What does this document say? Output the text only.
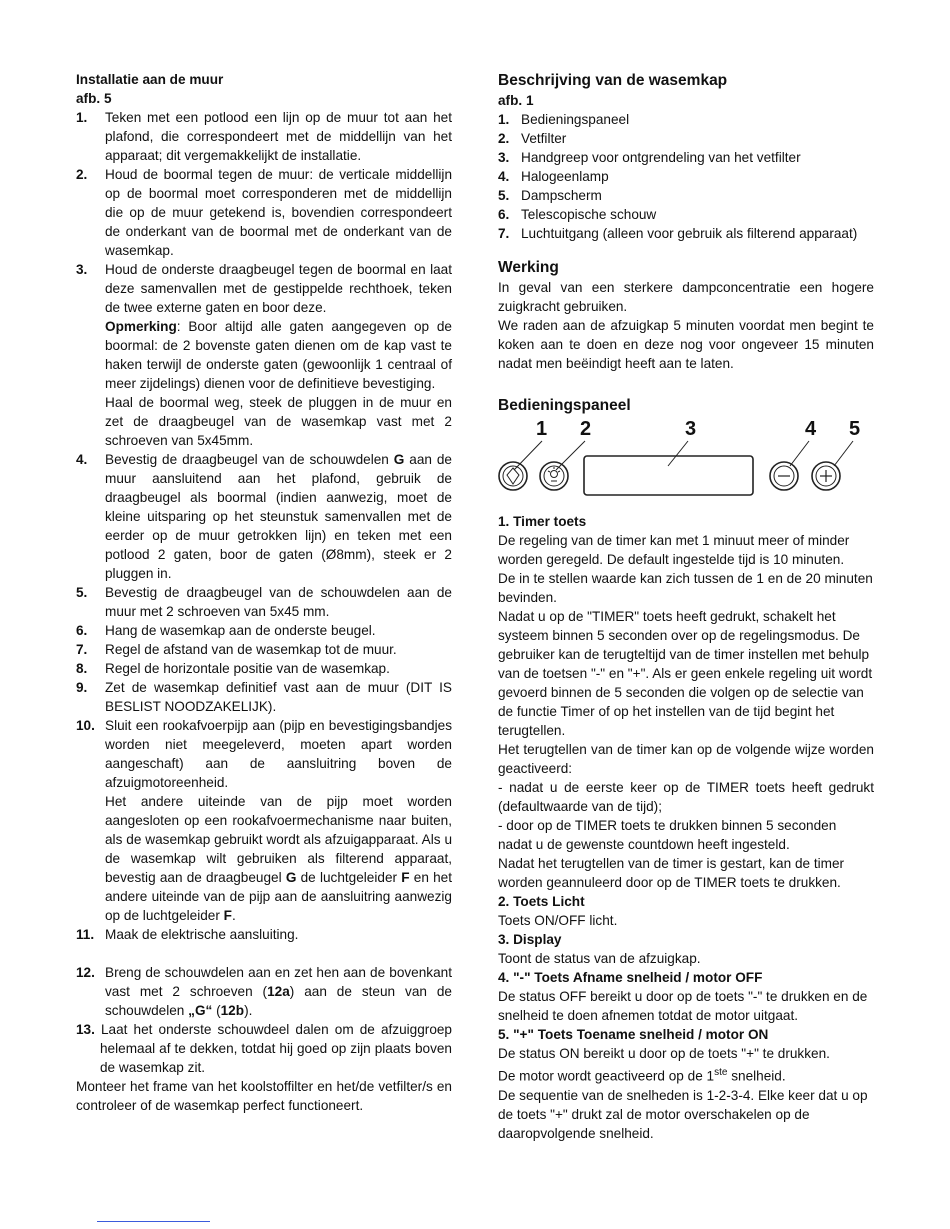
Installatie aan de muur
afb. 5
1.	Teken met een potlood een lijn op de muur tot aan het plafond, die correspondeert met de middellijn van het apparaat; dit vergemakkelijkt de installatie.
2.	Houd de boormal tegen de muur: de verticale middellijn op de boormal moet corresponderen met de middellijn die op de muur getekend is, bovendien correspondeert de onderkant van de boormal met de onderkant van de wasemkap.
3.	Houd de onderste draagbeugel tegen de boormal en laat deze samenvallen met de gestippelde rechthoek, teken de twee externe gaten en boor deze.
Opmerking: Boor altijd alle gaten aangegeven op de boormal: de 2 bovenste gaten dienen om de kap vast te haken terwijl de onderste gaten (gewoonlijk 1 centraal of meer zijdelings) dienen voor de definitieve bevestiging.
Haal de boormal weg, steek de pluggen in de muur en zet de draagbeugel van de wasemkap vast met 2 schroeven van 5x45mm.
4.	Bevestig de draagbeugel van de schouwdelen G aan de muur aansluitend aan het plafond, gebruik de draagbeugel als boormal (indien aanwezig, moet de kleine uitsparing op het steunstuk samenvallen met de eerder op de muur getrokken lijn) en teken met een potlood 2 gaten, boor de gaten (Ø8mm), steek er 2 pluggen in.
5.	Bevestig de draagbeugel van de schouwdelen aan de muur met 2 schroeven van 5x45 mm.
6.	Hang de wasemkap aan de onderste beugel.
7.	Regel de afstand van de wasemkap tot de muur.
8.	Regel de horizontale positie van de wasemkap.
9.	Zet de wasemkap definitief vast aan de muur (DIT IS BESLIST NOODZAKELIJK).
10. Sluit een rookafvoerpijp aan (pijp en bevestigingsbandjes worden niet meegeleverd, moeten apart worden aangeschaft) aan de aansluitring boven de afzuigmotoreenheid.
Het andere uiteinde van de pijp moet worden aangesloten op een rookafvoermechanisme naar buiten, als de wasemkap gebruikt wordt als afzuigapparaat. Als u de wasemkap wilt gebruiken als filterend apparaat, bevestig aan de draagbeugel G de luchtgeleider F en het andere uiteinde van de pijp aan de aansluitring aanwezig op de luchtgeleider F.
11. Maak de elektrische aansluiting.
12. Breng de schouwdelen aan en zet hen aan de bovenkant vast met 2 schroeven (12a) aan de steun van de schouwdelen „G“ (12b).

13. Laat het onderste schouwdeel dalen om de afzuiggroep helemaal af te dekken, totdat hij goed op zijn plaats boven de wasemkap zit.

Monteer het frame van het koolstoffilter en het/de vetfilter/s en controleer of de wasemkap perfect functioneert.

Beschrijving van de wasemkap
afb. 1
1. Bedieningspaneel
2. Vetfilter
3. Handgreep voor ontgrendeling van het vetfilter
4. Halogeenlamp
5. Dampscherm
6. Telescopische schouw
7. Luchtuitgang (alleen voor gebruik als filterend apparaat)
Werking

In geval van een sterkere dampconcentratie een hogere zuigkracht gebruiken.

We raden aan de afzuigkap 5 minuten voordat men begint te koken aan te doen en deze nog voor ongeveer 15 minuten nadat men beëindigt heeft aan te laten.

Bedieningspaneel
1 2	3	4 5
1. Timer toets

De regeling van de timer kan met 1 minuut meer of minder worden geregeld. De default ingestelde tijd is 10 minuten.

De in te stellen waarde kan zich tussen de 1 en de 20 minuten bevinden.

Nadat u op de "TIMER" toets heeft gedrukt, schakelt het systeem binnen 5 seconden over op de regelingsmodus. De gebruiker kan de terugteltijd van de timer instellen met behulp van de toetsen "-" en "+". Als er geen enkele regeling uit wordt gevoerd binnen de 5 seconden die volgen op de selectie van de functie Timer of op het instellen van de tijd begint het terugtellen.

Het terugtellen van de timer kan op de volgende wijze worden geactiveerd:

- nadat u de eerste keer op de TIMER toets heeft gedrukt (defaultwaarde van de tijd);

- door op de TIMER toets te drukken binnen 5 seconden nadat u de gewenste countdown heeft ingesteld.

Nadat het terugtellen van de timer is gestart, kan de timer worden geannuleerd door op de TIMER toets te drukken.

2. Toets Licht

Toets ON/OFF licht.

3. Display

Toont de status van de afzuigkap.

4. "-" Toets Afname snelheid / motor OFF

De status OFF bereikt u door op de toets "-" te drukken en de snelheid te doen afnemen totdat de motor uitgaat.

5. "+" Toets Toename snelheid / motor ON

De status ON bereikt u door op de toets "+" te drukken.

De motor wordt geactiveerd op de 1ste snelheid.

De sequentie van de snelheden is 1-2-3-4. Elke keer dat u op de toets "+" drukt zal de motor overschakelen op de daaropvolgende snelheid.
